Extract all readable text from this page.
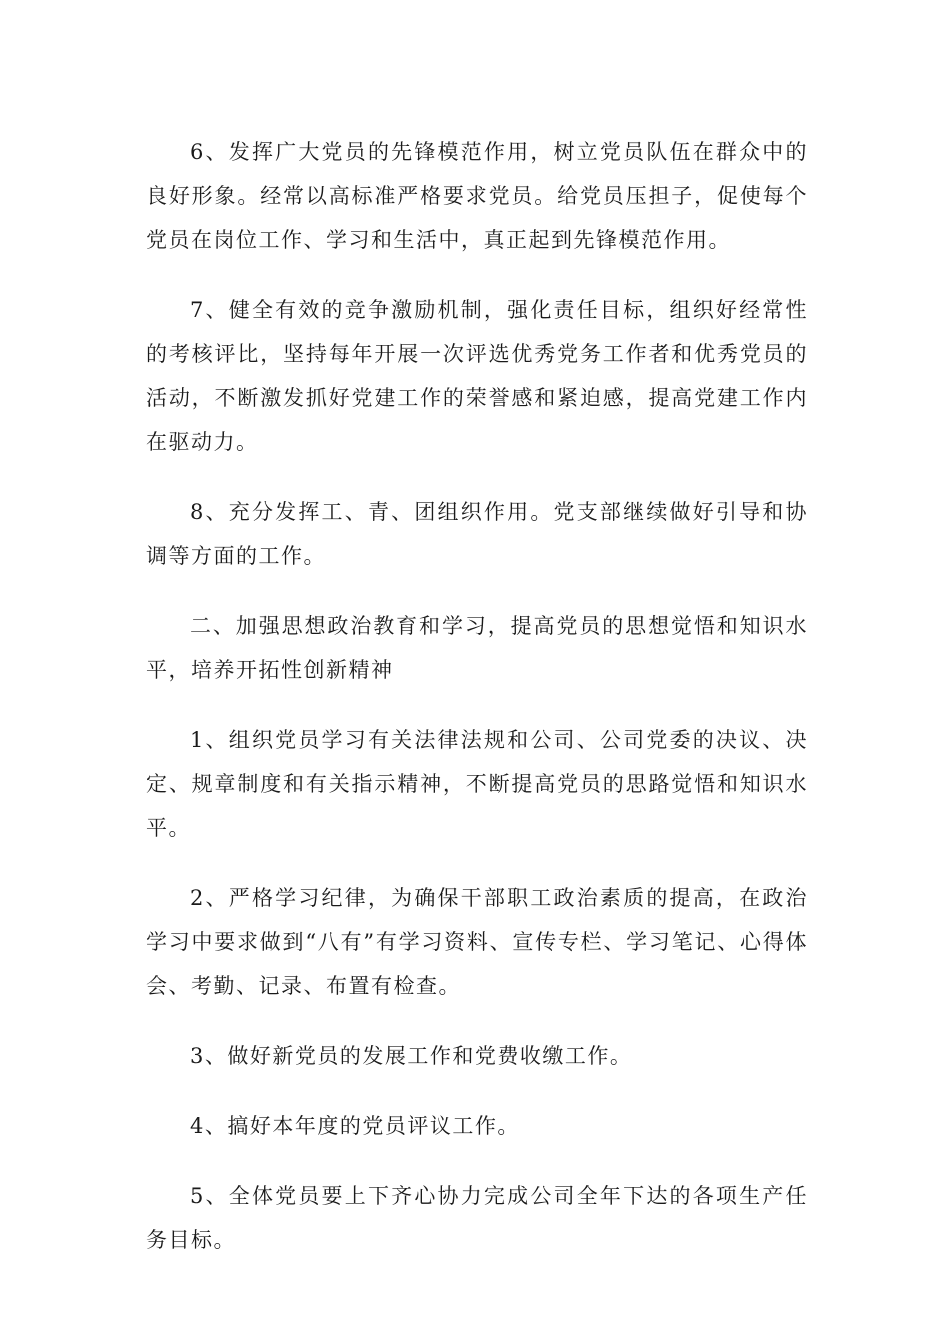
6、发挥广大党员的先锋模范作用，树立党员队伍在群众中的良好形象。经常以高标准严格要求党员。给党员压担子，促使每个党员在岗位工作、学习和生活中，真正起到先锋模范作用。

7、健全有效的竞争激励机制，强化责任目标，组织好经常性的考核评比，坚持每年开展一次评选优秀党务工作者和优秀党员的活动，不断激发抓好党建工作的荣誉感和紧迫感，提高党建工作内在驱动力。

8、充分发挥工、青、团组织作用。党支部继续做好引导和协调等方面的工作。

二、加强思想政治教育和学习，提高党员的思想觉悟和知识水平，培养开拓性创新精神

1、组织党员学习有关法律法规和公司、公司党委的决议、决定、规章制度和有关指示精神，不断提高党员的思路觉悟和知识水平。

2、严格学习纪律，为确保干部职工政治素质的提高，在政治学习中要求做到“八有”有学习资料、宣传专栏、学习笔记、心得体会、考勤、记录、布置有检查。

3、做好新党员的发展工作和党费收缴工作。

4、搞好本年度的党员评议工作。

5、全体党员要上下齐心协力完成公司全年下达的各项生产任务目标。
